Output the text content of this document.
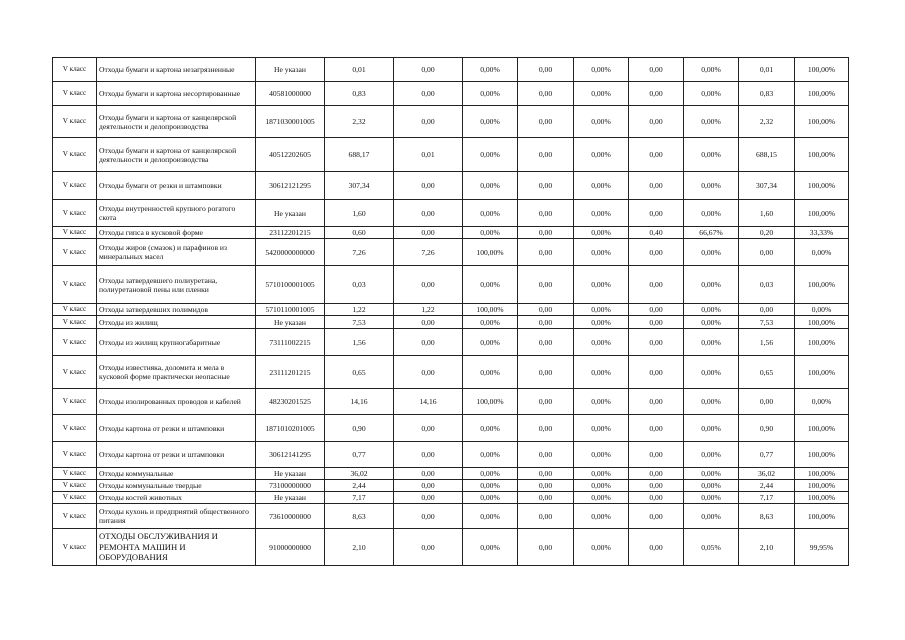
V класс	Отходы бумаги и картона незагрязненные	Не указан	0,01	0,00	0,00%	0,00	0,00%	0,00	0,00%	0,01	100,00%
V класс	Отходы бумаги и картона несортированные	40581000000	0,83	0,00	0,00%	0,00	0,00%	0,00	0,00%	0,83	100,00%
V класс	Отходы бумаги и картона от канцелярской деятельности и делопроизводства	1871030001005	2,32	0,00	0,00%	0,00	0,00%	0,00	0,00%	2,32	100,00%
V класс	Отходы бумаги и картона от канцелярской деятельности и делопроизводства	40512202605	688,17	0,01	0,00%	0,00	0,00%	0,00	0,00%	688,15	100,00%
V класс	Отходы бумаги от резки и штамповки	30612121295	307,34	0,00	0,00%	0,00	0,00%	0,00	0,00%	307,34	100,00%
V класс	Отходы внутренностей крупного рогатого скота	Не указан	1,60	0,00	0,00%	0,00	0,00%	0,00	0,00%	1,60	100,00%
V класс	Отходы гипса в кусковой форме	23112201215	0,60	0,00	0,00%	0,00	0,00%	0,40	66,67%	0,20	33,33%
V класс	Отходы жиров (смазок) и парафинов из минеральных масел	5420000000000	7,26	7,26	100,00%	0,00	0,00%	0,00	0,00%	0,00	0,00%
V класс	Отходы затвердевшего полиуретана, полиуретановой пены или пленки	5710100001005	0,03	0,00	0,00%	0,00	0,00%	0,00	0,00%	0,03	100,00%
V класс	Отходы затвердевших полимидов	5710110001005	1,22	1,22	100,00%	0,00	0,00%	0,00	0,00%	0,00	0,00%
V класс	Отходы из жилищ	Не указан	7,53	0,00	0,00%	0,00	0,00%	0,00	0,00%	7,53	100,00%
V класс	Отходы из жилищ крупногабаритные	73111002215	1,56	0,00	0,00%	0,00	0,00%	0,00	0,00%	1,56	100,00%
V класс	Отходы известняка, доломита и мела в кусковой форме практически неопасные	23111201215	0,65	0,00	0,00%	0,00	0,00%	0,00	0,00%	0,65	100,00%
V класс	Отходы изолированных проводов и кабелей	48230201525	14,16	14,16	100,00%	0,00	0,00%	0,00	0,00%	0,00	0,00%
V класс	Отходы картона от резки и штамповки	1871010201005	0,90	0,00	0,00%	0,00	0,00%	0,00	0,00%	0,90	100,00%
V класс	Отходы картона от резки и штамповки	30612141295	0,77	0,00	0,00%	0,00	0,00%	0,00	0,00%	0,77	100,00%
V класс	Отходы коммунальные	Не указан	36,02	0,00	0,00%	0,00	0,00%	0,00	0,00%	36,02	100,00%
V класс	Отходы коммунальные твердые	73100000000	2,44	0,00	0,00%	0,00	0,00%	0,00	0,00%	2,44	100,00%
V класс	Отходы костей животных	Не указан	7,17	0,00	0,00%	0,00	0,00%	0,00	0,00%	7,17	100,00%
V класс	Отходы кухонь и предприятий общественного питания	73610000000	8,63	0,00	0,00%	0,00	0,00%	0,00	0,00%	8,63	100,00%
V класс	ОТХОДЫ ОБСЛУЖИВАНИЯ И РЕМОНТА МАШИН И ОБОРУДОВАНИЯ	91000000000	2,10	0,00	0,00%	0,00	0,00%	0,00	0,05%	2,10	99,95%
